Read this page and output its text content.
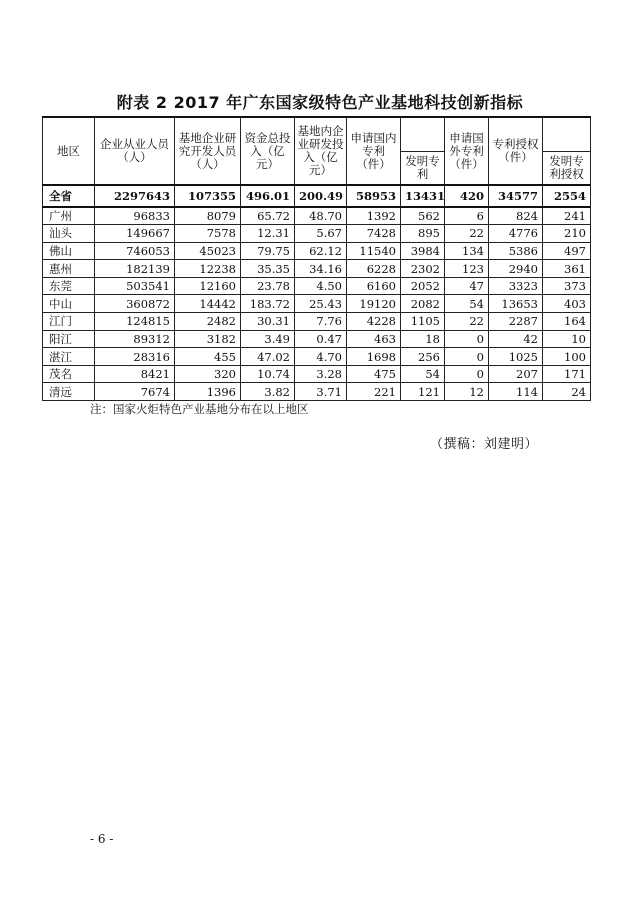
附表 2 2017 年广东国家级特色产业基地科技创新指标
地区	企业从业人员（人）	基地企业研究开发人员（人）	资金总投入（亿元）	基地内企业研发投入（亿元）	申请国内专利（件）		申请国外专利（件）	专利授权（件）	
						发明专利			发明专利授权
全省	2297643	107355	496.01	200.49	58953	13431	420	34577	2554
广州	96833	8079	65.72	48.70	1392	562	6	824	241
汕头	149667	7578	12.31	5.67	7428	895	22	4776	210
佛山	746053	45023	79.75	62.12	11540	3984	134	5386	497
惠州	182139	12238	35.35	34.16	6228	2302	123	2940	361
东莞	503541	12160	23.78	4.50	6160	2052	47	3323	373
中山	360872	14442	183.72	25.43	19120	2082	54	13653	403
江门	124815	2482	30.31	7.76	4228	1105	22	2287	164
阳江	89312	3182	3.49	0.47	463	18	0	42	10
湛江	28316	455	47.02	4.70	1698	256	0	1025	100
茂名	8421	320	10.74	3.28	475	54	0	207	171
清远	7674	1396	3.82	3.71	221	121	12	114	24
注：国家火炬特色产业基地分布在以上地区
（撰稿：刘建明）
- 6 -
